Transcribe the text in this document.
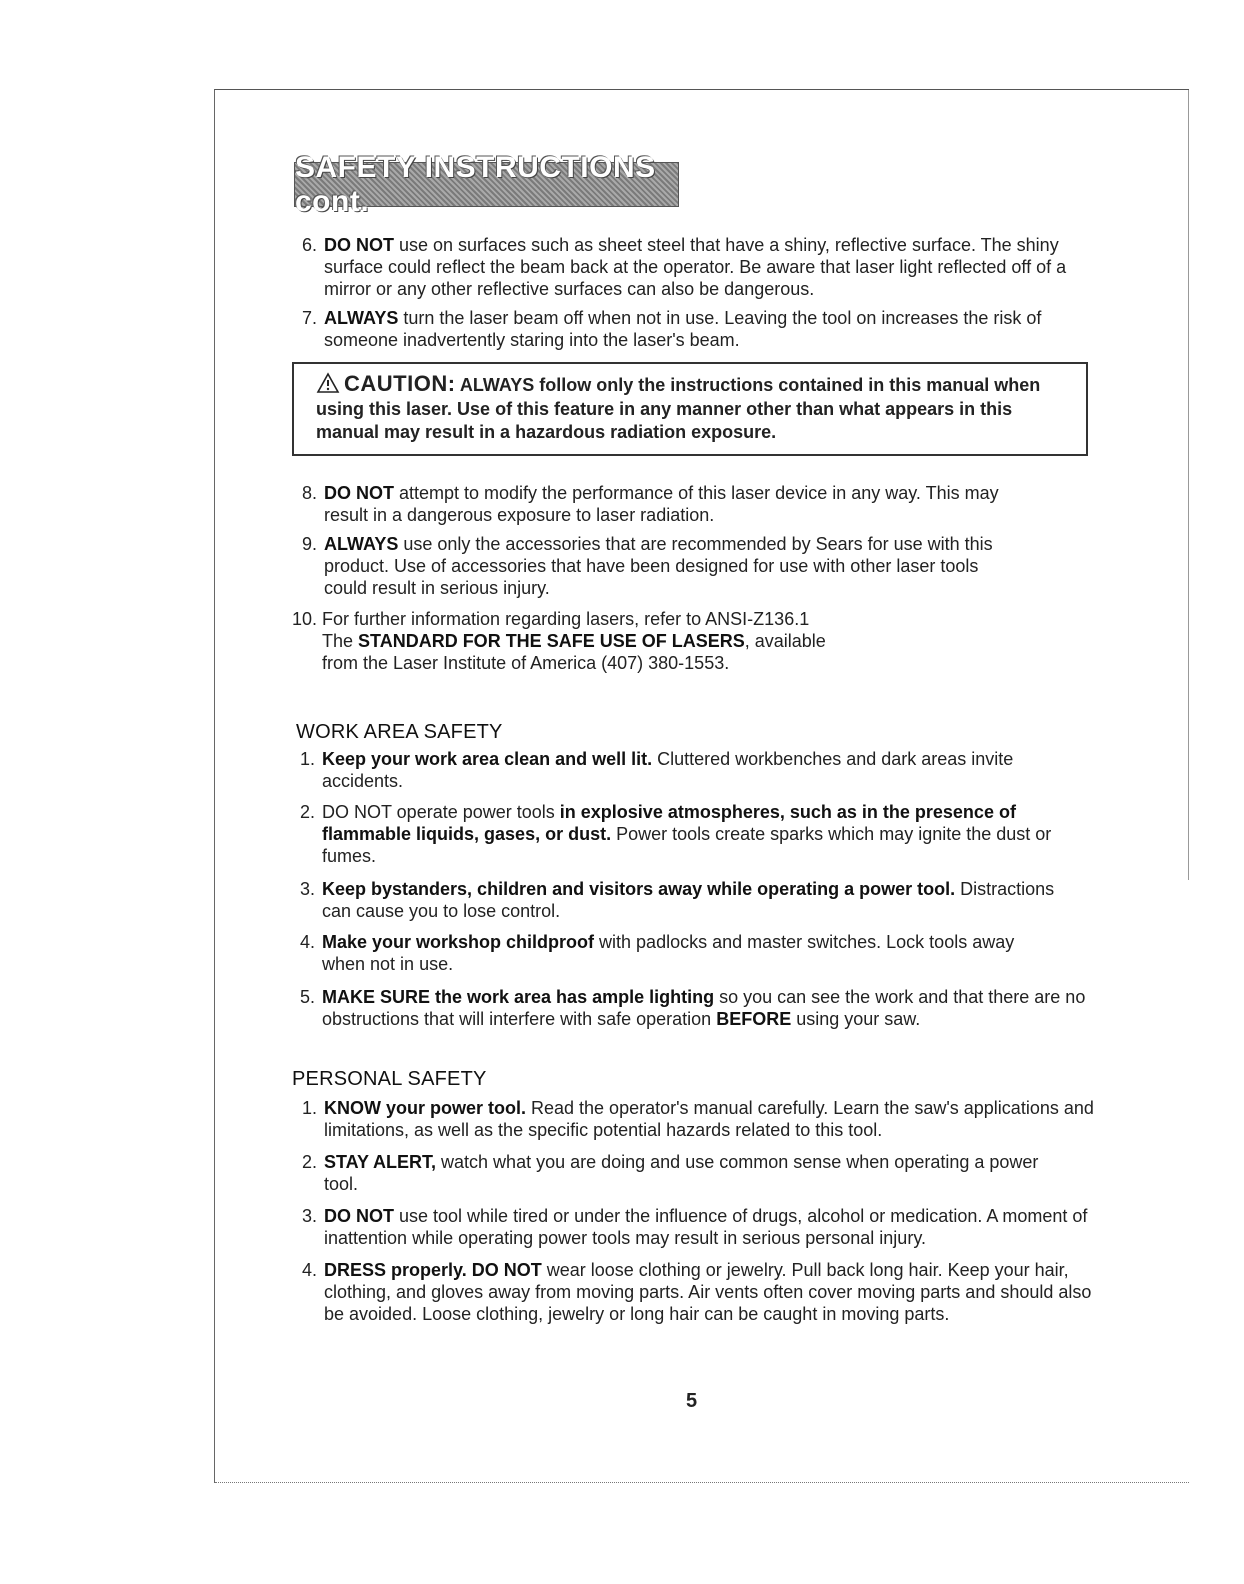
SAFETY INSTRUCTIONS cont.
6. DO NOT use on surfaces such as sheet steel that have a shiny, reflective surface. The shiny surface could reflect the beam back at the operator. Be aware that laser light reflected off of a mirror or any other reflective surfaces can also be dangerous.
7. ALWAYS turn the laser beam off when not in use. Leaving the tool on increases the risk of someone inadvertently staring into the laser's beam.
CAUTION: ALWAYS follow only the instructions contained in this manual when using this laser. Use of this feature in any manner other than what appears in this manual may result in a hazardous radiation exposure.
8. DO NOT attempt to modify the performance of this laser device in any way. This may result in a dangerous exposure to laser radiation.
9. ALWAYS use only the accessories that are recommended by Sears for use with this product. Use of accessories that have been designed for use with other laser tools could result in serious injury.
10. For further information regarding lasers, refer to ANSI-Z136.1
The STANDARD FOR THE SAFE USE OF LASERS, available
from the Laser Institute of America (407) 380-1553.
WORK AREA SAFETY
1. Keep your work area clean and well lit. Cluttered workbenches and dark areas invite accidents.
2. DO NOT operate power tools in explosive atmospheres, such as in the presence of flammable liquids, gases, or dust. Power tools create sparks which may ignite the dust or fumes.
3. Keep bystanders, children and visitors away while operating a power tool. Distractions can cause you to lose control.
4. Make your workshop childproof with padlocks and master switches. Lock tools away when not in use.
5. MAKE SURE the work area has ample lighting so you can see the work and that there are no obstructions that will interfere with safe operation BEFORE using your saw.
PERSONAL SAFETY
1. KNOW your power tool. Read the operator's manual carefully. Learn the saw's applications and limitations, as well as the specific potential hazards related to this tool.
2. STAY ALERT, watch what you are doing and use common sense when operating a power tool.
3. DO NOT use tool while tired or under the influence of drugs, alcohol or medication. A moment of inattention while operating power tools may result in serious personal injury.
4. DRESS properly. DO NOT wear loose clothing or jewelry. Pull back long hair. Keep your hair, clothing, and gloves away from moving parts. Air vents often cover moving parts and should also be avoided. Loose clothing, jewelry or long hair can be caught in moving parts.
5
